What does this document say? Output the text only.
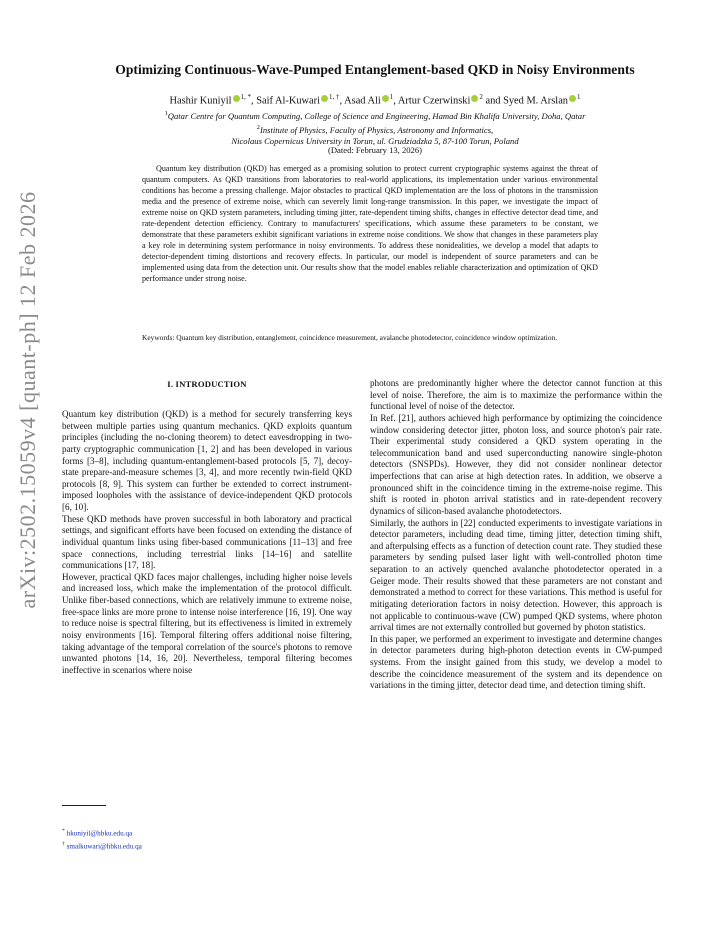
arXiv:2502.15059v4 [quant-ph] 12 Feb 2026
Optimizing Continuous-Wave-Pumped Entanglement-based QKD in Noisy Environments
Hashir Kuniyil $^{1, *}$, Saif Al-Kuwari $^{1, \dagger}$, Asad Ali $^1$, Artur Czerwinski $^2$ and Syed M. Arslan $^1$
$^1$Qatar Centre for Quantum Computing, College of Science and Engineering, Hamad Bin Khalifa University, Doha, Qatar
$^2$Institute of Physics, Faculty of Physics, Astronomy and Informatics,
Nicolaus Copernicus University in Torun, ul. Grudziadzka 5, 87-100 Torun, Poland
(Dated: February 13, 2026)
Quantum key distribution (QKD) has emerged as a promising solution to protect current cryptographic systems against the threat of quantum computers. As QKD transitions from laboratories to real-world applications, its implementation under various environmental conditions has become a pressing challenge. Major obstacles to practical QKD implementation are the loss of photons in the transmission media and the presence of extreme noise, which can severely limit long-range transmission. In this paper, we investigate the impact of extreme noise on QKD system parameters, including timing jitter, rate-dependent timing shifts, changes in effective detector dead time, and rate-dependent detection efficiency. Contrary to manufacturers' specifications, which assume these parameters to be constant, we demonstrate that these parameters exhibit significant variations in extreme noise conditions. We show that changes in these parameters play a key role in determining system performance in noisy environments. To address these nonidealities, we develop a model that adapts to detector-dependent timing distortions and recovery effects. In particular, our model is independent of source parameters and can be implemented using data from the detection unit. Our results show that the model enables reliable characterization and optimization of QKD performance under strong noise.
Keywords: Quantum key distribution, entanglement, coincidence measurement, avalanche photodetector, coincidence window optimization.
I. INTRODUCTION

Quantum key distribution (QKD) is a method for securely transferring keys between multiple parties using quantum mechanics. QKD exploits quantum principles (including the no-cloning theorem) to detect eavesdropping in two-party cryptographic communication [1, 2] and has been developed in various forms [3–8], including quantum-entanglement-based protocols [5, 7], decoy-state prepare-and-measure schemes [3, 4], and more recently twin-field QKD protocols [8, 9]. This system can further be extended to correct instrument-imposed loopholes with the assistance of device-independent QKD protocols [6, 10].

These QKD methods have proven successful in both laboratory and practical settings, and significant efforts have been focused on extending the distance of individual quantum links using fiber-based communications [11–13] and free space connections, including terrestrial links [14–16] and satellite communications [17, 18].

However, practical QKD faces major challenges, including higher noise levels and increased loss, which make the implementation of the protocol difficult. Unlike fiber-based connections, which are relatively immune to extreme noise, free-space links are more prone to intense noise interference [16, 19]. One way to reduce noise is spectral filtering, but its effectiveness is limited in extremely noisy environments [16]. Temporal filtering offers additional noise filtering, taking advantage of the temporal correlation of the source's photons to remove unwanted photons [14, 16, 20]. Nevertheless, temporal filtering becomes ineffective in scenarios where noise

photons are predominantly higher where the detector cannot function at this level of noise. Therefore, the aim is to maximize the performance within the functional level of noise of the detector.

In Ref. [21], authors achieved high performance by optimizing the coincidence window considering detector jitter, photon loss, and source photon's pair rate. Their experimental study considered a QKD system operating in the telecommunication band and used superconducting nanowire single-photon detectors (SNSPDs). However, they did not consider nonlinear detector imperfections that can arise at high detection rates. In addition, we observe a pronounced shift in the coincidence timing in the extreme-noise regime. This shift is rooted in photon arrival statistics and in rate-dependent recovery dynamics of silicon-based avalanche photodetectors.

Similarly, the authors in [22] conducted experiments to investigate variations in detector parameters, including dead time, timing jitter, detection timing shift, and afterpulsing effects as a function of detection count rate. They studied these parameters by sending pulsed laser light with well-controlled photon time separation to an actively quenched avalanche photodetector operated in a Geiger mode. Their results showed that these parameters are not constant and demonstrated a method to correct for these variations. This method is useful for mitigating deterioration factors in noisy detection. However, this approach is not applicable to continuous-wave (CW) pumped QKD systems, where photon arrival times are not externally controlled but governed by photon statistics.

In this paper, we performed an experiment to investigate and determine changes in detector parameters during high-photon detection events in CW-pumped systems. From the insight gained from this study, we develop a model to describe the coincidence measurement of the system and its dependence on variations in the timing jitter, detector dead time, and detection timing shift.

* hkuniyil@hbku.edu.qa
† smalkuwari@hbku.edu.qa
